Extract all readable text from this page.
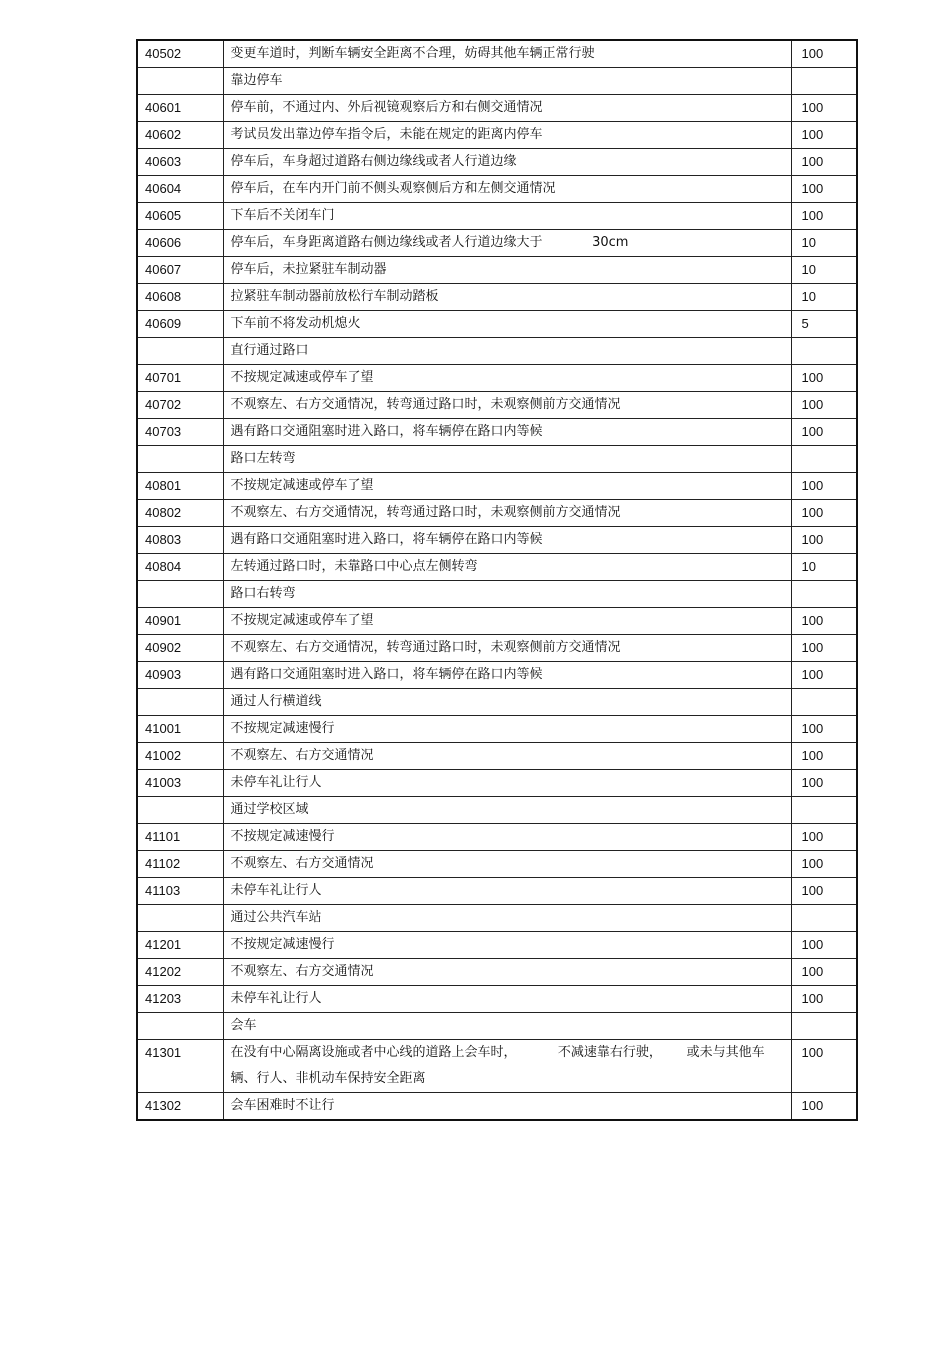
40502	变更车道时，判断车辆安全距离不合理，妨碍其他车辆正常行驶	100
	靠边停车	
40601	停车前，不通过内、外后视镜观察后方和右侧交通情况	100
40602	考试员发出靠边停车指令后，未能在规定的距离内停车	100
40603	停车后，车身超过道路右侧边缘线或者人行道边缘	100
40604	停车后，在车内开门前不侧头观察侧后方和左侧交通情况	100
40605	下车后不关闭车门	100
40606	停车后，车身距离道路右侧边缘线或者人行道边缘大于            30cm	10
40607	停车后，未拉紧驻车制动器	10
40608	拉紧驻车制动器前放松行车制动踏板	10
40609	下车前不将发动机熄火	5
	直行通过路口	
40701	不按规定减速或停车了望	100
40702	不观察左、右方交通情况，转弯通过路口时，未观察侧前方交通情况	100
40703	遇有路口交通阻塞时进入路口，将车辆停在路口内等候	100
	路口左转弯	
40801	不按规定减速或停车了望	100
40802	不观察左、右方交通情况，转弯通过路口时，未观察侧前方交通情况	100
40803	遇有路口交通阻塞时进入路口，将车辆停在路口内等候	100
40804	左转通过路口时，未靠路口中心点左侧转弯	10
	路口右转弯	
40901	不按规定减速或停车了望	100
40902	不观察左、右方交通情况，转弯通过路口时，未观察侧前方交通情况	100
40903	遇有路口交通阻塞时进入路口，将车辆停在路口内等候	100
	通过人行横道线	
41001	不按规定减速慢行	100
41002	不观察左、右方交通情况	100
41003	未停车礼让行人	100
	通过学校区域	
41101	不按规定减速慢行	100
41102	不观察左、右方交通情况	100
41103	未停车礼让行人	100
	通过公共汽车站	
41201	不按规定减速慢行	100
41202	不观察左、右方交通情况	100
41203	未停车礼让行人	100
	会车	
41301	在没有中心隔离设施或者中心线的道路上会车时，          不减速靠右行驶，      或未与其他车辆、行人、非机动车保持安全距离	100
41302	会车困难时不让行	100
